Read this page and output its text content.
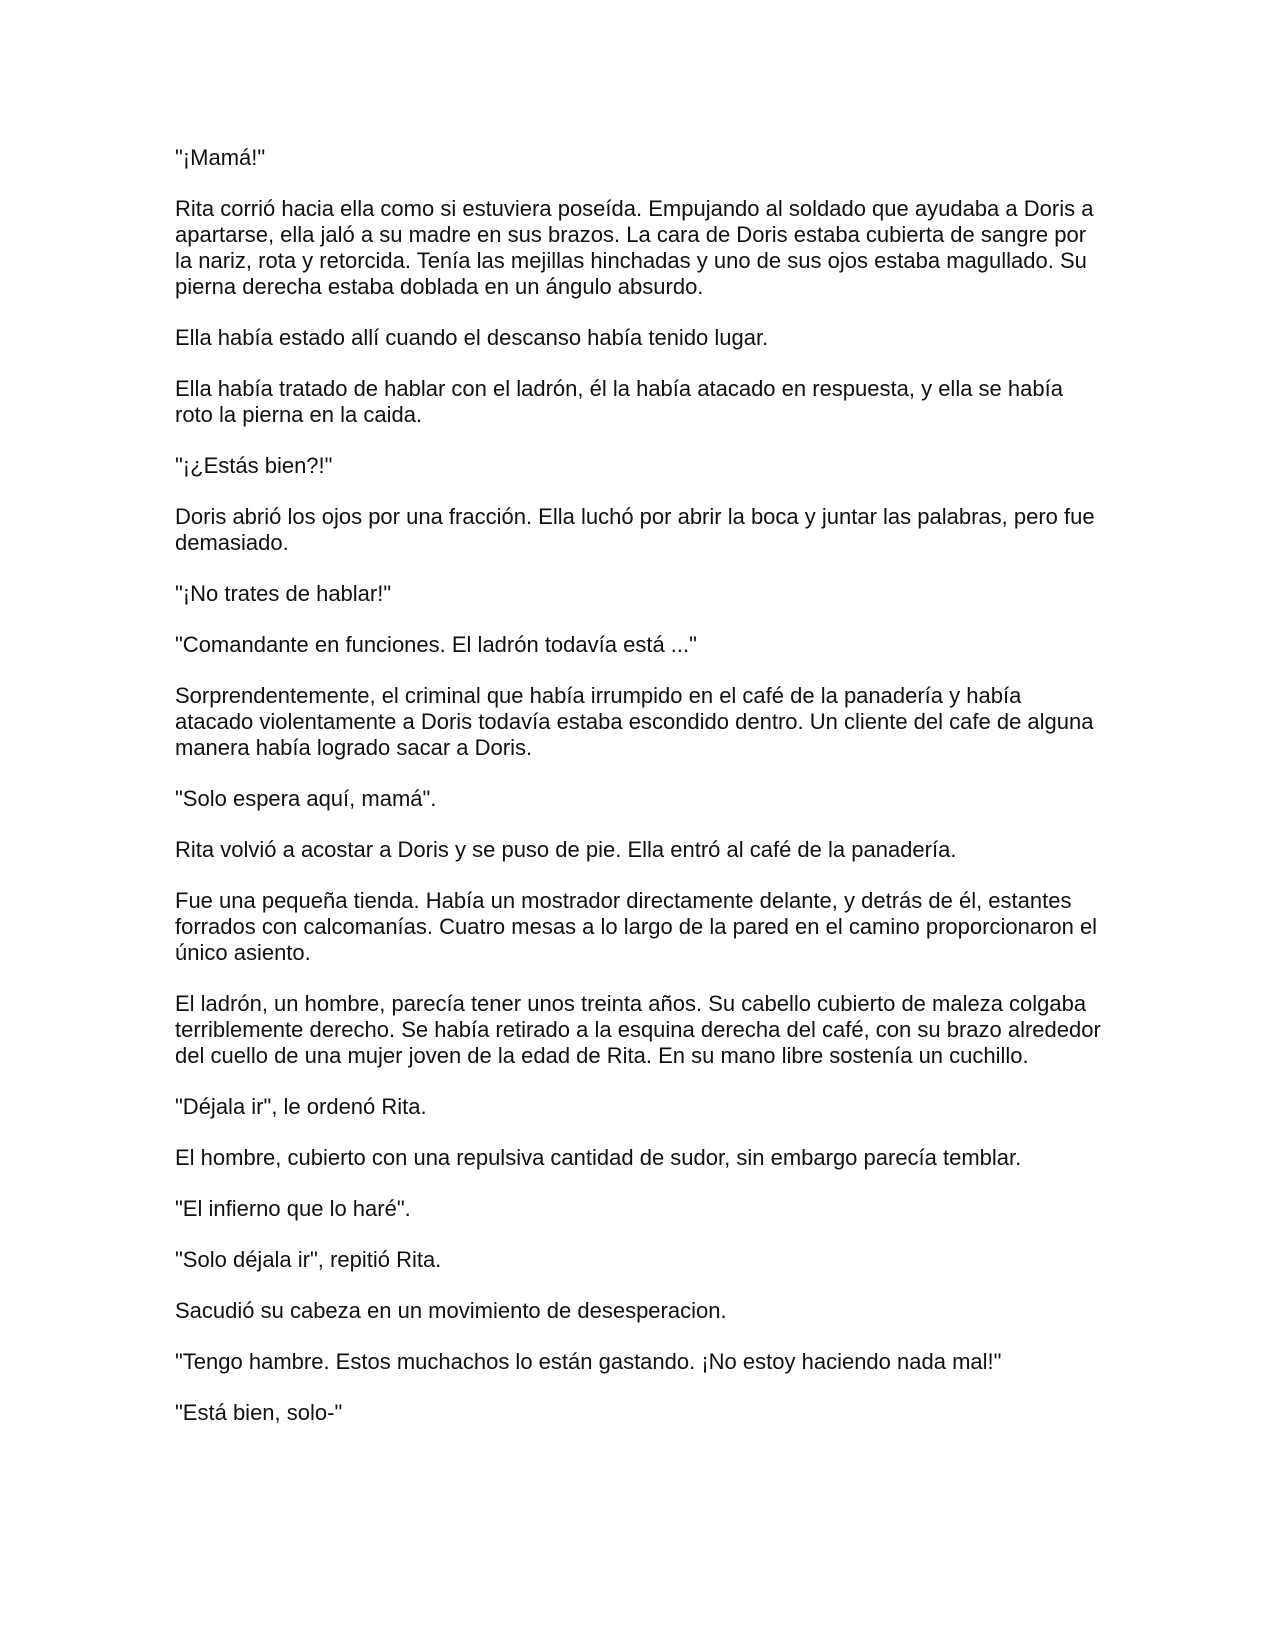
"¡Mamá!"

Rita corrió hacia ella como si estuviera poseída. Empujando al soldado que ayudaba a Doris a apartarse, ella jaló a su madre en sus brazos. La cara de Doris estaba cubierta de sangre por la nariz, rota y retorcida. Tenía las mejillas hinchadas y uno de sus ojos estaba magullado. Su pierna derecha estaba doblada en un ángulo absurdo.

Ella había estado allí cuando el descanso había tenido lugar.

Ella había tratado de hablar con el ladrón, él la había atacado en respuesta, y ella se había roto la pierna en la caida.

"¡¿Estás bien?!"

Doris abrió los ojos por una fracción. Ella luchó por abrir la boca y juntar las palabras, pero fue demasiado.

"¡No trates de hablar!"

"Comandante en funciones. El ladrón todavía está ..."

Sorprendentemente, el criminal que había irrumpido en el café de la panadería y había atacado violentamente a Doris todavía estaba escondido dentro. Un cliente del cafe de alguna manera había logrado sacar a Doris.

"Solo espera aquí, mamá".

Rita volvió a acostar a Doris y se puso de pie. Ella entró al café de la panadería.

Fue una pequeña tienda. Había un mostrador directamente delante, y detrás de él, estantes forrados con calcomanías. Cuatro mesas a lo largo de la pared en el camino proporcionaron el único asiento.

El ladrón, un hombre, parecía tener unos treinta años. Su cabello cubierto de maleza colgaba terriblemente derecho. Se había retirado a la esquina derecha del café, con su brazo alrededor del cuello de una mujer joven de la edad de Rita. En su mano libre sostenía un cuchillo.

"Déjala ir", le ordenó Rita.

El hombre, cubierto con una repulsiva cantidad de sudor, sin embargo parecía temblar.

"El infierno que lo haré".

"Solo déjala ir", repitió Rita.

Sacudió su cabeza en un movimiento de desesperacion.

"Tengo hambre. Estos muchachos lo están gastando. ¡No estoy haciendo nada mal!"

"Está bien, solo-"
